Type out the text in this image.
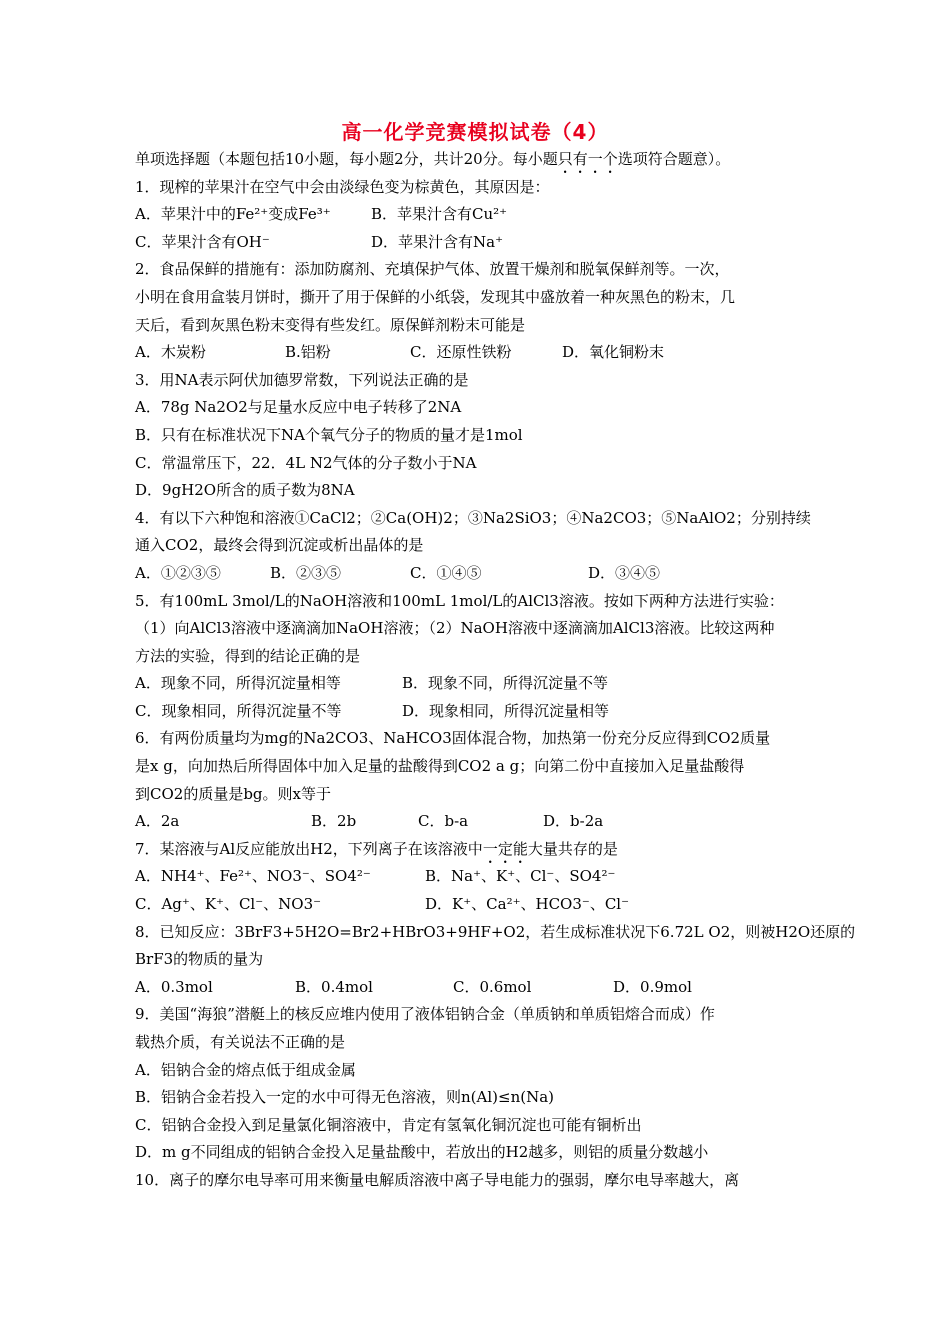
高一化学竞赛模拟试卷（4）
单项选择题（本题包括10小题，每小题2分，共计20分。每小题只有一个选项符合题意）。
1．现榨的苹果汁在空气中会由淡绿色变为棕黄色，其原因是：
A．苹果汁中的Fe²⁺变成Fe³⁺	B．苹果汁含有Cu²⁺
C．苹果汁含有OH⁻	D．苹果汁含有Na⁺
2．食品保鲜的措施有：添加防腐剂、充填保护气体、放置干燥剂和脱氧保鲜剂等。一次，
小明在食用盒装月饼时，撕开了用于保鲜的小纸袋，发现其中盛放着一种灰黑色的粉末，几
天后，看到灰黑色粉末变得有些发红。原保鲜剂粉末可能是
A．木炭粉	B.铝粉	C．还原性铁粉	D．氧化铜粉末
3．用NA表示阿伏加德罗常数，下列说法正确的是
A．78g Na2O2与足量水反应中电子转移了2NA
B．只有在标准状况下NA个氧气分子的物质的量才是1mol
C．常温常压下，22．4L N2气体的分子数小于NA
D．9gH2O所含的质子数为8NA
4．有以下六种饱和溶液①CaCl2；②Ca(OH)2；③Na2SiO3；④Na2CO3；⑤NaAlO2；分别持续
通入CO2，最终会得到沉淀或析出晶体的是
A．①②③⑤	B．②③⑤	C．①④⑤	D．③④⑤
5．有100mL 3mol/L的NaOH溶液和100mL 1mol/L的AlCl3溶液。按如下两种方法进行实验：
（1）向AlCl3溶液中逐滴滴加NaOH溶液；（2）NaOH溶液中逐滴滴加AlCl3溶液。比较这两种
方法的实验，得到的结论正确的是
A．现象不同，所得沉淀量相等	B．现象不同，所得沉淀量不等
C．现象相同，所得沉淀量不等	D．现象相同，所得沉淀量相等
6．有两份质量均为mg的Na2CO3、NaHCO3固体混合物，加热第一份充分反应得到CO2质量
是x g，向加热后所得固体中加入足量的盐酸得到CO2 a g；向第二份中直接加入足量盐酸得
到CO2的质量是bg。则x等于
A．2a	B．2b	C．b-a	D．b-2a
7．某溶液与Al反应能放出H2，下列离子在该溶液中一定能大量共存的是
A．NH4⁺、Fe²⁺、NO3⁻、SO4²⁻	B．Na⁺、K⁺、Cl⁻、SO4²⁻
C．Ag⁺、K⁺、Cl⁻、NO3⁻	D．K⁺、Ca²⁺、HCO3⁻、Cl⁻
8．已知反应：3BrF3+5H2O=Br2+HBrO3+9HF+O2，若生成标准状况下6.72L O2，则被H2O还原的
BrF3的物质的量为
A．0.3mol	B．0.4mol	C．0.6mol	D．0.9mol
9．美国“海狼”潜艇上的核反应堆内使用了液体铝钠合金（单质钠和单质铝熔合而成）作
载热介质，有关说法不正确的是
A．铝钠合金的熔点低于组成金属
B．铝钠合金若投入一定的水中可得无色溶液，则n(Al)≤n(Na)
C．铝钠合金投入到足量氯化铜溶液中，肯定有氢氧化铜沉淀也可能有铜析出
D．m g不同组成的铝钠合金投入足量盐酸中，若放出的H2越多，则铝的质量分数越小
10．离子的摩尔电导率可用来衡量电解质溶液中离子导电能力的强弱，摩尔电导率越大，离
